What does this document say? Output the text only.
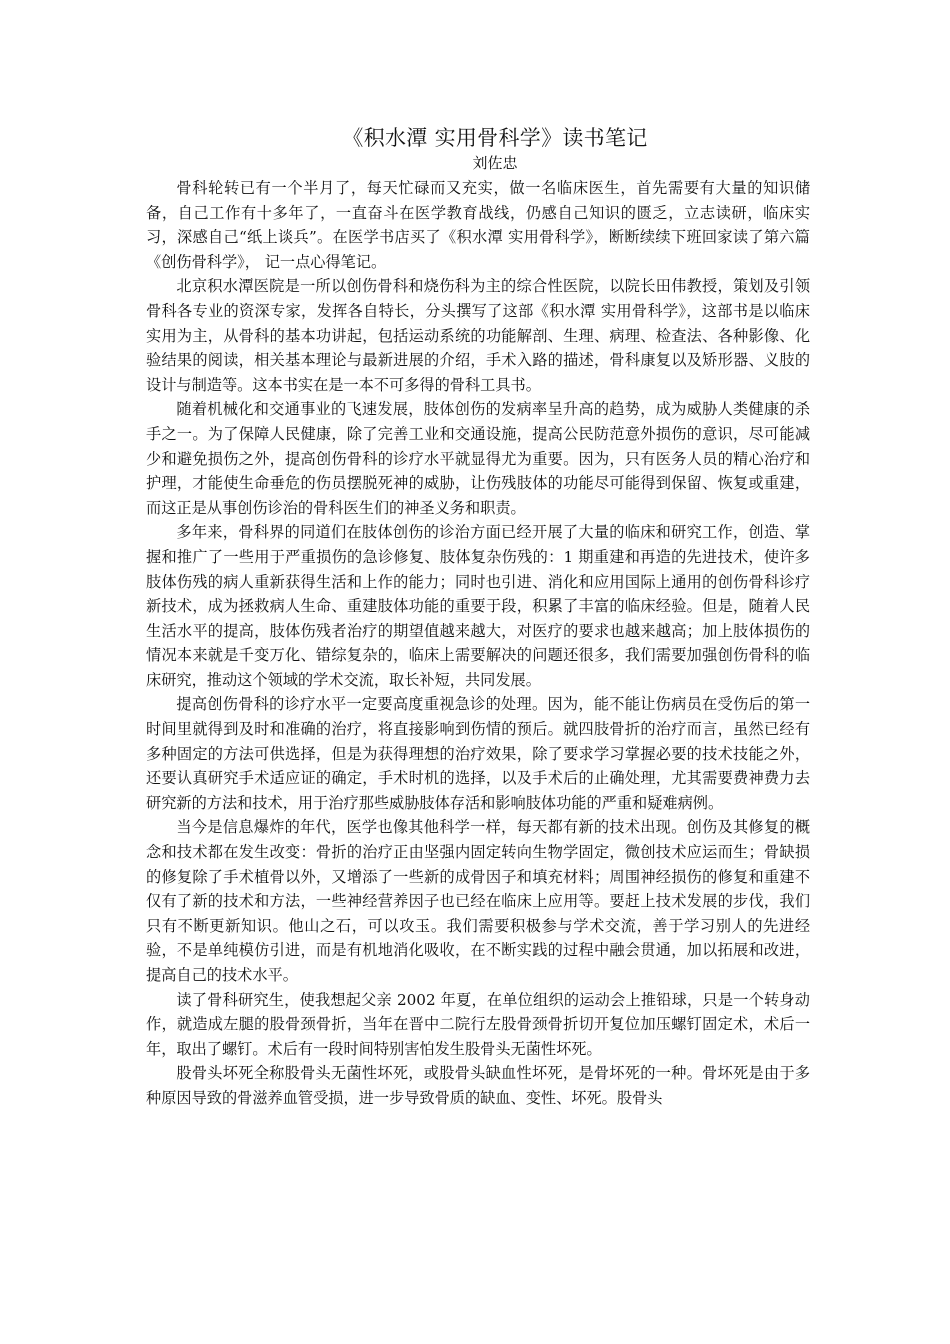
《积水潭 实用骨科学》读书笔记
刘佐忠

骨科轮转已有一个半月了，每天忙碌而又充实，做一名临床医生，首先需要有大量的知识储备，自己工作有十多年了，一直奋斗在医学教育战线，仍感自己知识的匮乏，立志读研，临床实习，深感自己“纸上谈兵”。在医学书店买了《积水潭 实用骨科学》，断断续续下班回家读了第六篇《创伤骨科学》， 记一点心得笔记。

北京积水潭医院是一所以创伤骨科和烧伤科为主的综合性医院，以院长田伟教授，策划及引领骨科各专业的资深专家，发挥各自特长，分头撰写了这部《积水潭 实用骨科学》，这部书是以临床实用为主，从骨科的基本功讲起，包括运动系统的功能解剖、生理、病理、检查法、各种影像、化验结果的阅读，相关基本理论与最新进展的介绍，手术入路的描述，骨科康复以及矫形器、义肢的设计与制造等。这本书实在是一本不可多得的骨科工具书。

随着机械化和交通事业的飞速发展，肢体创伤的发病率呈升高的趋势，成为威胁人类健康的杀手之一。为了保障人民健康，除了完善工业和交通设施，提高公民防范意外损伤的意识，尽可能减少和避免损伤之外，提高创伤骨科的诊疗水平就显得尤为重要。因为，只有医务人员的精心治疗和护理，才能使生命垂危的伤员摆脱死神的威胁，让伤残肢体的功能尽可能得到保留、恢复或重建，而这正是从事创伤诊治的骨科医生们的神圣义务和职责。

多年来，骨科界的同道们在肢体创伤的诊治方面已经开展了大量的临床和研究工作，创造、掌握和推广了一些用于严重损伤的急诊修复、肢体复杂伤残的：1 期重建和再造的先进技术，使许多肢体伤残的病人重新获得生活和上作的能力；同时也引进、消化和应用国际上通用的创伤骨科诊疗新技术，成为拯救病人生命、重建肢体功能的重要于段，积累了丰富的临床经验。但是，随着人民生活水平的提高，肢体伤残者治疗的期望值越来越大，对医疗的要求也越来越高；加上肢体损伤的情况本来就是千变万化、错综复杂的，临床上需要解决的问题还很多，我们需要加强创伤骨科的临床研究，推动这个领域的学术交流，取长补短，共同发展。

提高创伤骨科的诊疗水平一定要高度重视急诊的处理。因为，能不能让伤病员在受伤后的第一时间里就得到及时和准确的治疗，将直接影响到伤情的预后。就四肢骨折的治疗而言，虽然已经有多种固定的方法可供选择，但是为获得理想的治疗效果，除了要求学习掌握必要的技术技能之外，还要认真研究手术适应证的确定，手术时机的选择，以及手术后的止确处理，尤其需要费神费力去研究新的方法和技术，用于治疗那些威胁肢体存活和影响肢体功能的严重和疑难病例。

当今是信息爆炸的年代，医学也像其他科学一样，每天都有新的技术出现。创伤及其修复的概念和技术都在发生改变：骨折的治疗正由坚强内固定转向生物学固定，微创技术应运而生；骨缺损的修复除了手术植骨以外，又增添了一些新的成骨因子和填充材料；周围神经损伤的修复和重建不仅有了新的技术和方法，一些神经营养因子也已经在临床上应用等。要赶上技术发展的步伐，我们只有不断更新知识。他山之石，可以攻玉。我们需要积极参与学术交流，善于学习别人的先进经验，不是单纯模仿引进，而是有机地消化吸收，在不断实践的过程中融会贯通，加以拓展和改进，提高自己的技术水平。

读了骨科研究生，使我想起父亲 2002 年夏，在单位组织的运动会上推铅球，只是一个转身动作，就造成左腿的股骨颈骨折，当年在晋中二院行左股骨颈骨折切开复位加压螺钉固定术，术后一年，取出了螺钉。术后有一段时间特别害怕发生股骨头无菌性坏死。

股骨头坏死全称股骨头无菌性坏死，或股骨头缺血性坏死，是骨坏死的一种。骨坏死是由于多种原因导致的骨滋养血管受损，进一步导致骨质的缺血、变性、坏死。股骨头
